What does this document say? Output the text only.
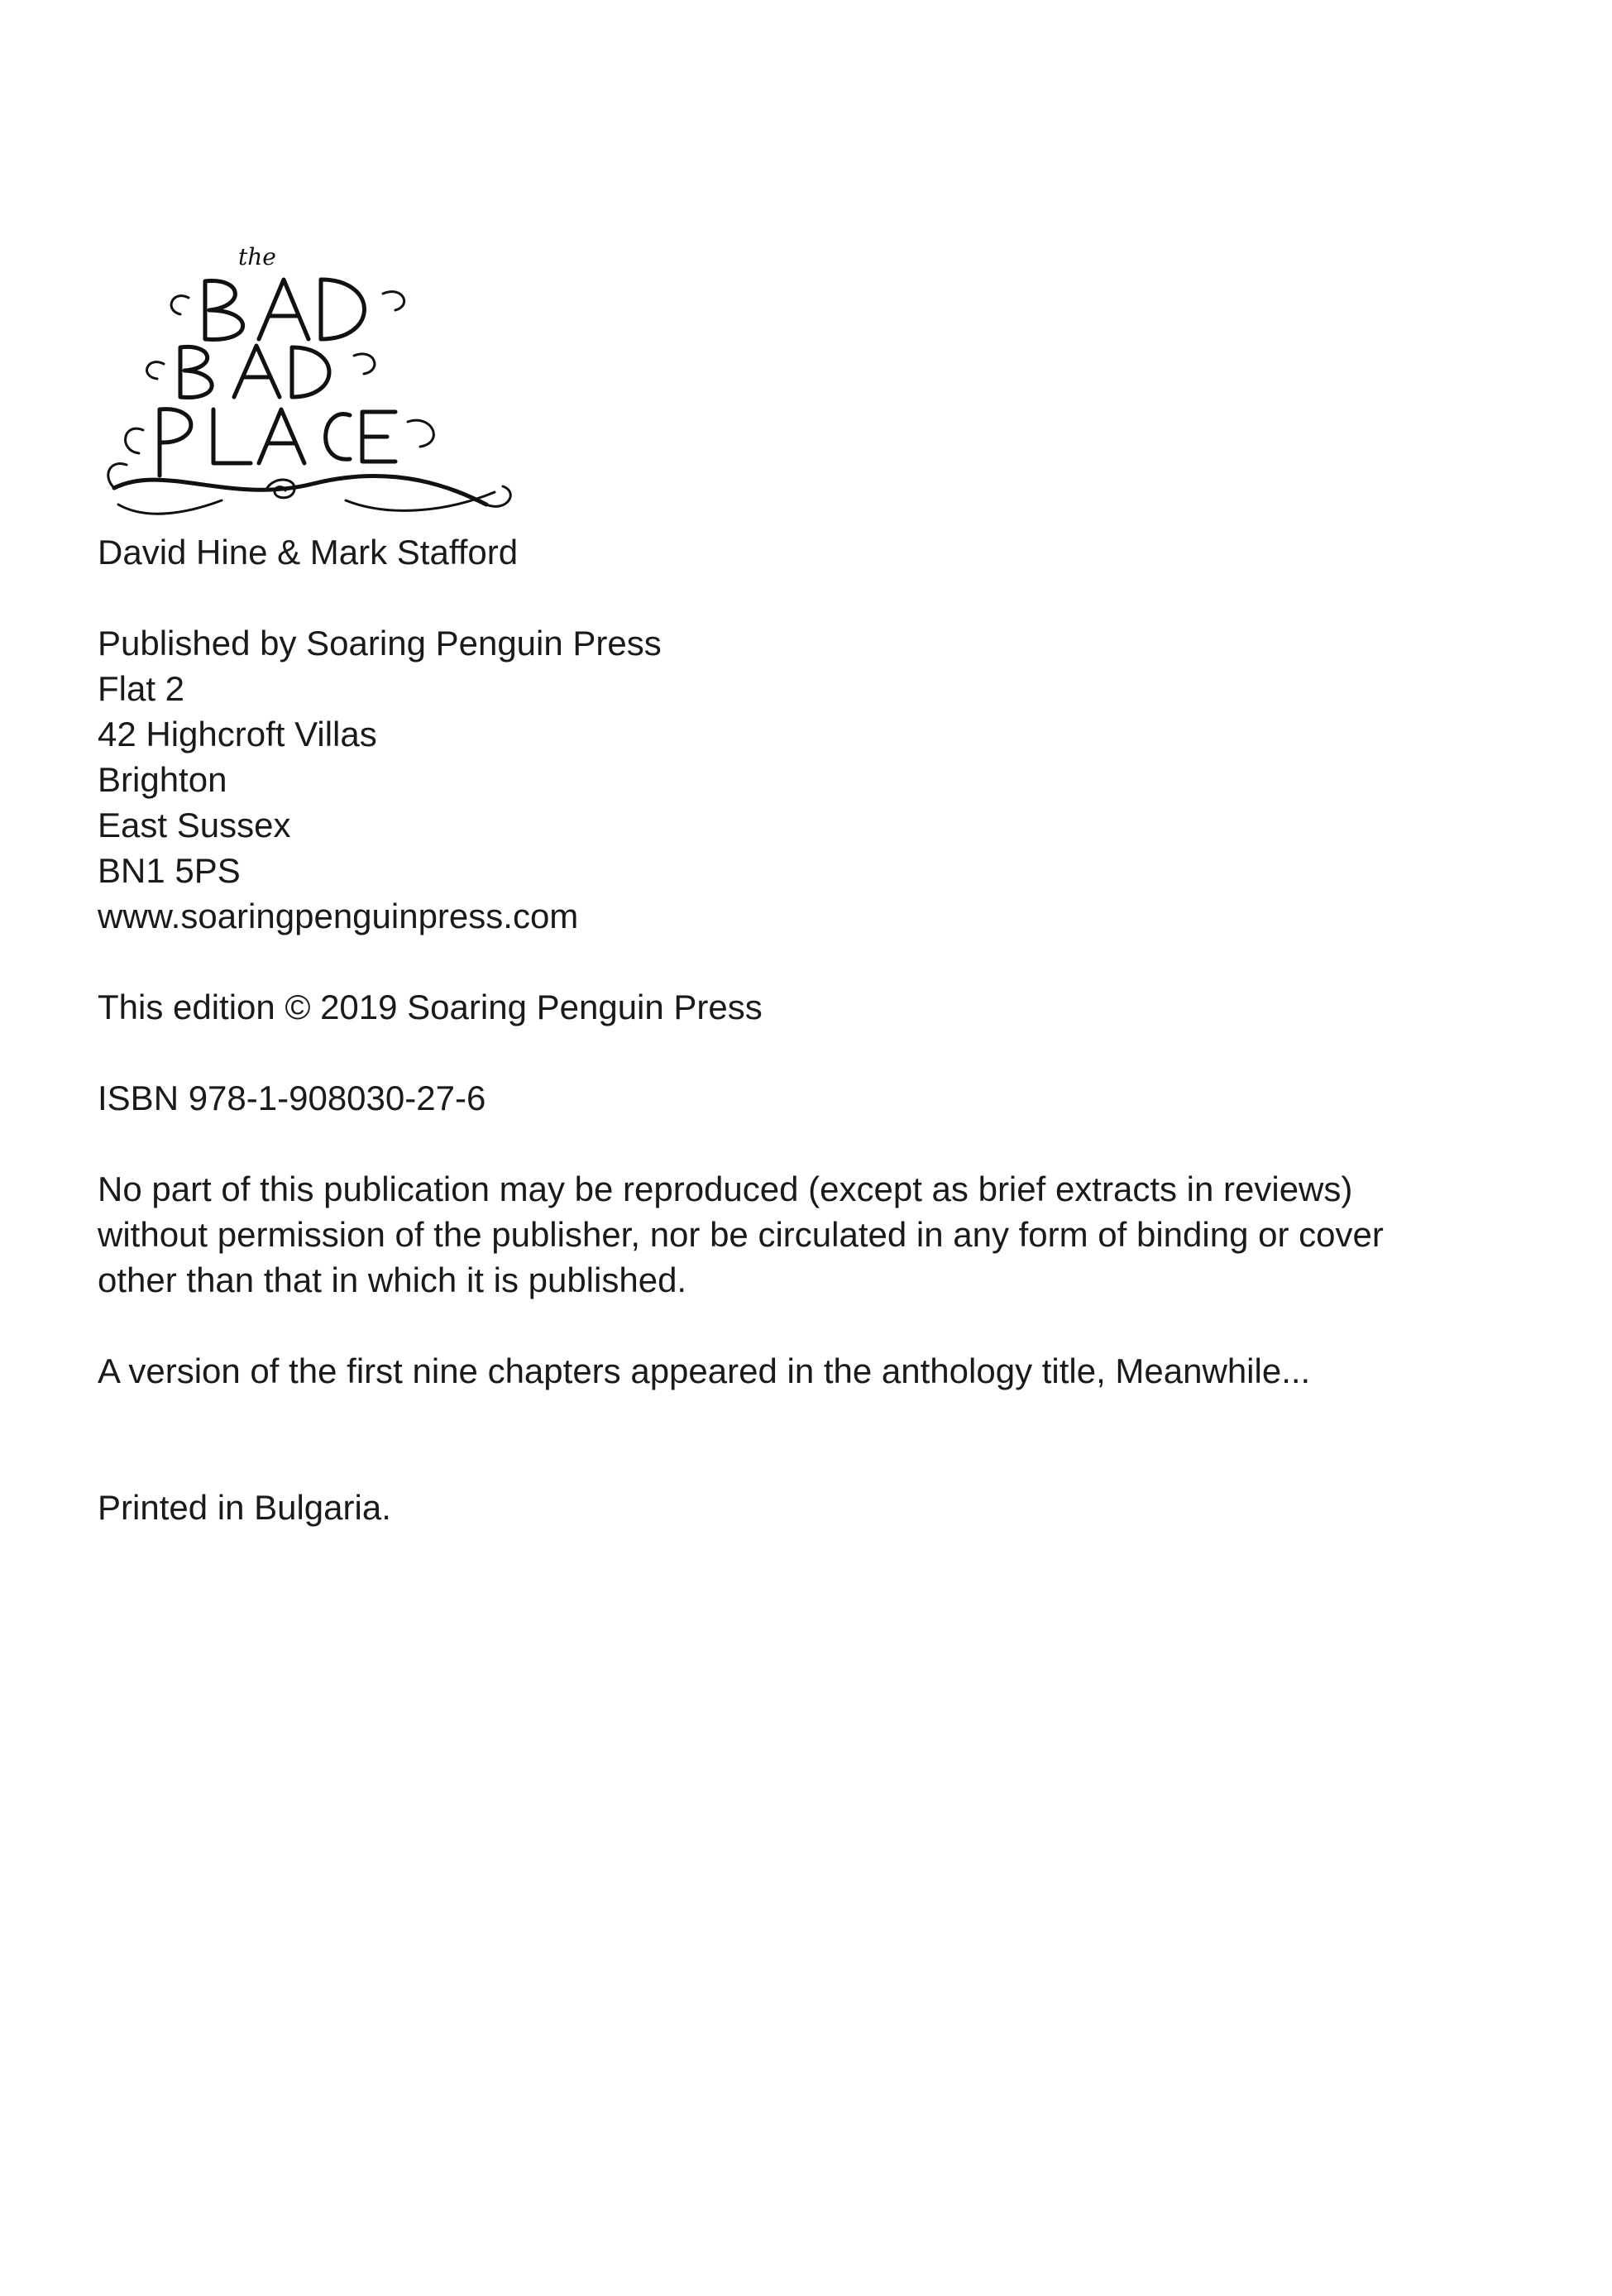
the
David Hine & Mark Stafford
Published by Soaring Penguin Press
Flat 2
42 Highcroft Villas
Brighton
East Sussex
BN1 5PS
www.soaringpenguinpress.com
This edition © 2019 Soaring Penguin Press
ISBN 978-1-908030-27-6
No part of this publication may be reproduced (except as brief extracts in reviews)
without permission of the publisher, nor be circulated in any form of binding or cover
other than that in which it is published.
A version of the first nine chapters appeared in the anthology title, Meanwhile...
Printed in Bulgaria.
